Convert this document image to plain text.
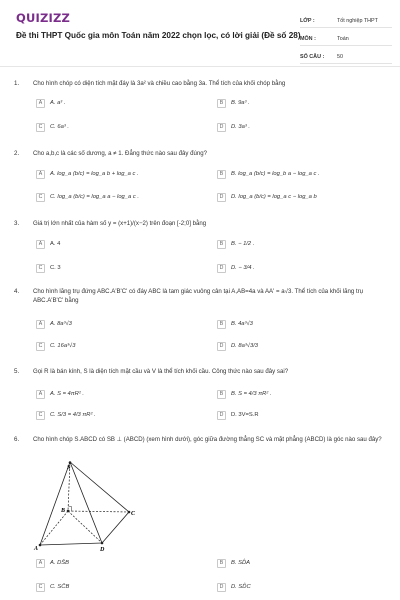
QUIZIZZ
Đề thi THPT Quốc gia môn Toán năm 2022 chọn lọc, có lời giải (Đề số 28)
LỚP :	Tốt nghiệp THPT
MÔN :	Toán
SỐ CÂU :	50
1. Cho hình chóp có diện tích mặt đáy là 3a² và chiều cao bằng 3a. Thể tích của khối chóp bằng
A	A. a³ .	B	B. 9a³ .
C	C. 6a³ .	D	D. 3a³ .
2. Cho a,b,c là các số dương, a ≠ 1. Đẳng thức nào sau đây đúng?
A	A. log_a (b/c) = log_a b + log_a c .	B	B. log_a (b/c) = log_b a − log_a c .
C	C. log_a (b/c) = log_a a − log_a c .	D	D. log_a (b/c) = log_a c − log_a b
3. Giá trị lớn nhất của hàm số y = (x+1)/(x−2) trên đoạn [-2;0] bằng
A	A. 4	B	B. − 1/2 .
C	C. 3	D	D. − 3/4 .
4. Cho hình lăng trụ đứng ABC.A'B'C' có đáy ABC là tam giác vuông cân tại A,AB=4a và AA' = a√3. Thể tích của khối lăng trụ ABC.A'B'C' bằng
A	A. 8a³√3	B	B. 4a³√3
C	C. 16a³√3	D	D. 8a³√3/3
5. Gọi R là bán kính, S là diện tích mặt cầu và V là thể tích khối cầu. Công thức nào sau đây sai?
A	A. S = 4πR² .	B	B. S = 4/3 πR² .
C	C. S/3 = 4/3 πR² .	D	D. 3V=S.R
6. Cho hình chóp S.ABCD có SB ⊥ (ABCD) (xem hình dưới), góc giữa đường thẳng SC và mặt phẳng (ABCD) là góc nào sau đây?
S
B	C
A	D
A	A. DŜB	B	B. SD̂A
C	C. SĈB	D	D. SD̂C
